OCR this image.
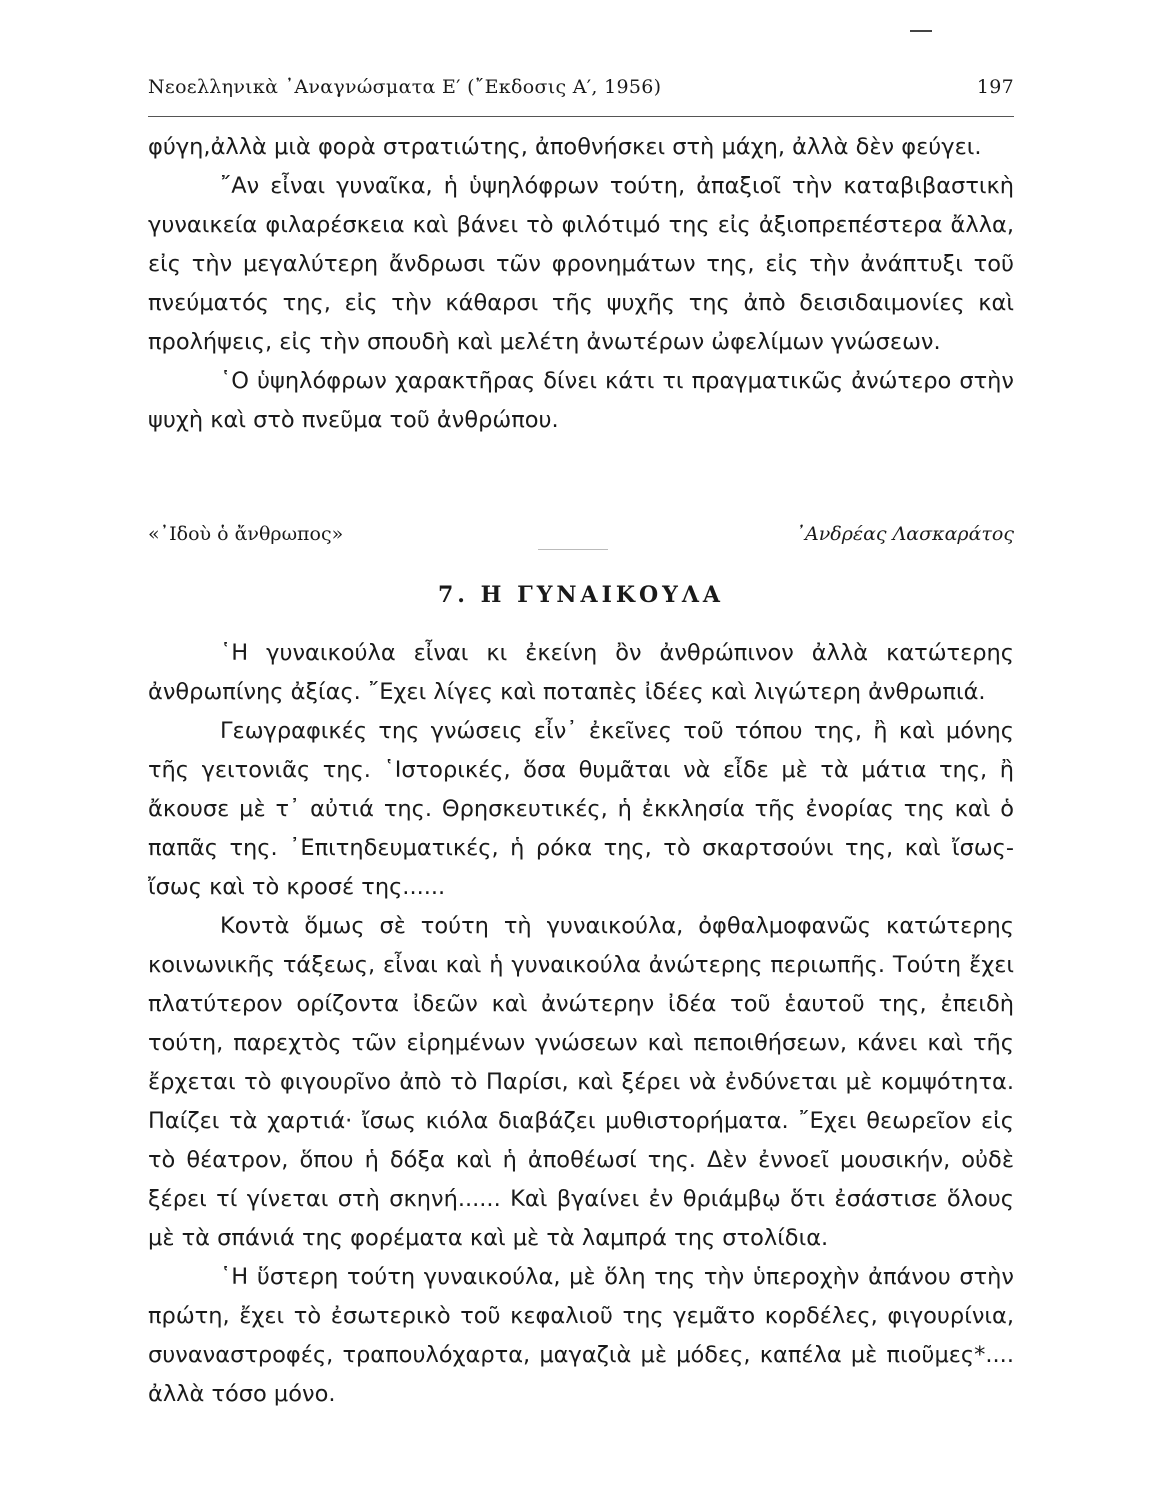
Νεοελληνικὰ ᾿Αναγνώσματα Ε′ (῎Εκδοσις Α′, 1956)	197

φύγη,ἀλλὰ μιὰ φορὰ στρατιώτης, ἀποθνήσκει στὴ μάχη, ἀλλὰ δὲν φεύγει.

῎Αν εἶναι γυναῖκα, ἡ ὑψηλόφρων τούτη, ἀπαξιοῖ τὴν καταβιβαστικὴ γυναικεία φιλαρέσκεια καὶ βάνει τὸ φιλότιμό της εἰς ἀξιοπρεπέστερα ἄλλα, εἰς τὴν μεγαλύτερη ἄνδρωσι τῶν φρονημάτων της, εἰς τὴν ἀνάπτυξι τοῦ πνεύματός της, εἰς τὴν κάθαρσι τῆς ψυχῆς της ἀπὸ δεισιδαιμονίες καὶ προλήψεις, εἰς τὴν σπουδὴ καὶ μελέτη ἀνωτέρων ὠφελίμων γνώσεων.

῾Ο ὑψηλόφρων χαρακτῆρας δίνει κάτι τι πραγματικῶς ἀνώτερο στὴν ψυχὴ καὶ στὸ πνεῦμα τοῦ ἀνθρώπου.

«᾿Ιδοὺ ὁ ἄνθρωπος»	᾿Ανδρέας Λασκαράτος
7. Η ΓΥΝΑΙΚΟΥΛΑ

῾Η γυναικούλα εἶναι κι ἐκείνη ὂν ἀνθρώπινον ἀλλὰ κατώτερης ἀνθρωπίνης ἀξίας. ῎Εχει λίγες καὶ ποταπὲς ἰδέες καὶ λιγώτερη ἀνθρωπιά.

Γεωγραφικές της γνώσεις εἶν᾽ ἐκεῖνες τοῦ τόπου της, ἢ καὶ μόνης τῆς γειτονιᾶς της. ῾Ιστορικές, ὅσα θυμᾶται νὰ εἶδε μὲ τὰ μάτια της, ἢ ἄκουσε μὲ τ᾽ αὐτιά της. Θρησκευτικές, ἡ ἐκκλησία τῆς ἐνορίας της καὶ ὁ παπᾶς της. ᾿Επιτηδευματικές, ἡ ρόκα της, τὸ σκαρτσούνι της, καὶ ἴσως-ἴσως καὶ τὸ κροσέ της......

Κοντὰ ὅμως σὲ τούτη τὴ γυναικούλα, ὀφθαλμοφανῶς κατώτερης κοινωνικῆς τάξεως, εἶναι καὶ ἡ γυναικούλα ἀνώτερης περιωπῆς. Τούτη ἔχει πλατύτερον ορίζοντα ἰδεῶν καὶ ἀνώτερην ἰδέα τοῦ ἑαυτοῦ της, ἐπειδὴ τούτη, παρεχτὸς τῶν εἰρημένων γνώσεων καὶ πεποιθήσεων, κάνει καὶ τῆς ἔρχεται τὸ φιγουρῖνο ἀπὸ τὸ Παρίσι, καὶ ξέρει νὰ ἐνδύνεται μὲ κομψότητα. Παίζει τὰ χαρτιά· ἴσως κιόλα διαβάζει μυθιστορήματα. ῎Εχει θεωρεῖον εἰς τὸ θέατρον, ὅπου ἡ δόξα καὶ ἡ ἀποθέωσί της. Δὲν ἐννοεῖ μουσικήν, οὐδὲ ξέρει τί γίνεται στὴ σκηνή...... Καὶ βγαίνει ἐν θριάμβῳ ὅτι ἐσάστισε ὅλους μὲ τὰ σπάνιά της φορέματα καὶ μὲ τὰ λαμπρά της στολίδια.

῾Η ὕστερη τούτη γυναικούλα, μὲ ὅλη της τὴν ὑπεροχὴν ἀπάνου στὴν πρώτη, ἔχει τὸ ἐσωτερικὸ τοῦ κεφαλιοῦ της γεμᾶτο κορδέλες, φιγουρίνια, συναναστροφές, τραπουλόχαρτα, μαγαζιὰ μὲ μόδες, καπέλα μὲ πιοῦμες*.... ἀλλὰ τόσο μόνο.
